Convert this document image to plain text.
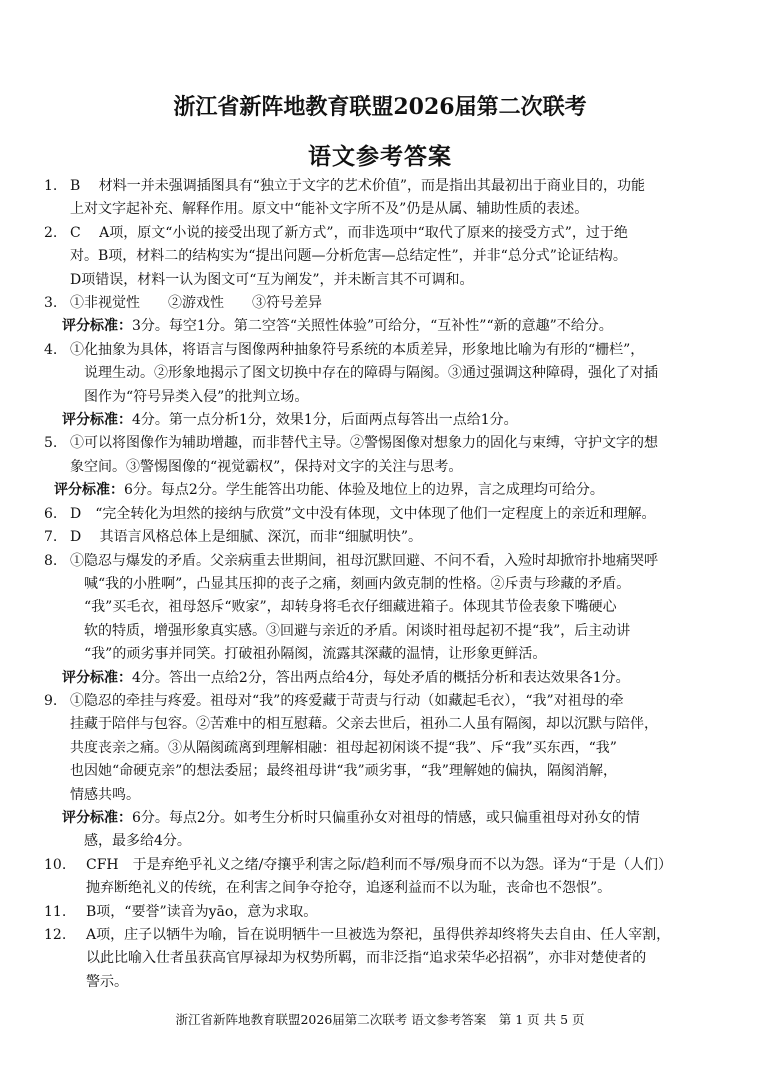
浙江省新阵地教育联盟2026届第二次联考
语文参考答案
1. B　 材料一并未强调插图具有“独立于文字的艺术价值”，而是指出其最初出于商业目的，功能
上对文字起补充、解释作用。原文中“能补文字所不及”仍是从属、辅助性质的表述。
2. C　 A项，原文“小说的接受出现了新方式”，而非选项中“取代了原来的接受方式”，过于绝
对。B项，材料二的结构实为“提出问题—分析危害—总结定性”，并非“总分式”论证结构。
D项错误，材料一认为图文可“互为阐发”，并未断言其不可调和。
3. ①非视觉性　　②游戏性　　③符号差异
评分标准：3分。每空1分。第二空答“关照性体验”可给分，“互补性”“新的意趣”不给分。
4. ①化抽象为具体，将语言与图像两种抽象符号系统的本质差异，形象地比喻为有形的“栅栏”，
　说理生动。②形象地揭示了图文切换中存在的障碍与隔阂。③通过强调这种障碍，强化了对插
　图作为“符号异类入侵”的批判立场。
评分标准：4分。第一点分析1分，效果1分，后面两点每答出一点给1分。
5. ①可以将图像作为辅助增趣，而非替代主导。②警惕图像对想象力的固化与束缚，守护文字的想
象空间。③警惕图像的“视觉霸权”，保持对文字的关注与思考。
评分标准：6分。每点2分。学生能答出功能、体验及地位上的边界，言之成理均可给分。
6. D　“完全转化为坦然的接纳与欣赏”文中没有体现，文中体现了他们一定程度上的亲近和理解。
7. D　 其语言风格总体上是细腻、深沉，而非“细腻明快”。
8. ①隐忍与爆发的矛盾。父亲病重去世期间，祖母沉默回避、不问不看，入殓时却掀帘扑地痛哭呼
　喊“我的小胜啊”，凸显其压抑的丧子之痛，刻画内敛克制的性格。②斥责与珍藏的矛盾。
　“我”买毛衣，祖母怒斥“败家”，却转身将毛衣仔细藏进箱子。体现其节俭表象下嘴硬心
　软的特质，增强形象真实感。③回避与亲近的矛盾。闲谈时祖母起初不提“我”，后主动讲
　“我”的顽劣事并同笑。打破祖孙隔阂，流露其深藏的温情，让形象更鲜活。
评分标准：4分。答出一点给2分，答出两点给4分，每处矛盾的概括分析和表达效果各1分。
9. ①隐忍的牵挂与疼爱。祖母对“我”的疼爱藏于苛责与行动（如藏起毛衣），“我”对祖母的牵
挂藏于陪伴与包容。②苦难中的相互慰藉。父亲去世后，祖孙二人虽有隔阂，却以沉默与陪伴，
共度丧亲之痛。③从隔阂疏离到理解相融：祖母起初闲谈不提“我”、斥“我”买东西，“我”
也因她“命硬克亲”的想法委屈；最终祖母讲“我”顽劣事，“我”理解她的偏执，隔阂消解，
情感共鸣。
评分标准：6分。每点2分。如考生分析时只偏重孙女对祖母的情感，或只偏重祖母对孙女的情
感，最多给4分。
10. CFH　于是弃绝乎礼义之绪/夺攘乎利害之际/趋利而不辱/殒身而不以为怨。译为“于是（人们）
抛弃断绝礼义的传统，在利害之间争夺抢夺，追逐利益而不以为耻，丧命也不怨恨”。
11. B项，“要誉”读音为yāo，意为求取。
12. A项，庄子以牺牛为喻，旨在说明牺牛一旦被选为祭祀，虽得供养却终将失去自由、任人宰割，
以此比喻入仕者虽获高官厚禄却为权势所羁，而非泛指“追求荣华必招祸”，亦非对楚使者的
警示。
浙江省新阵地教育联盟2026届第二次联考 语文参考答案　第 1 页 共 5 页
